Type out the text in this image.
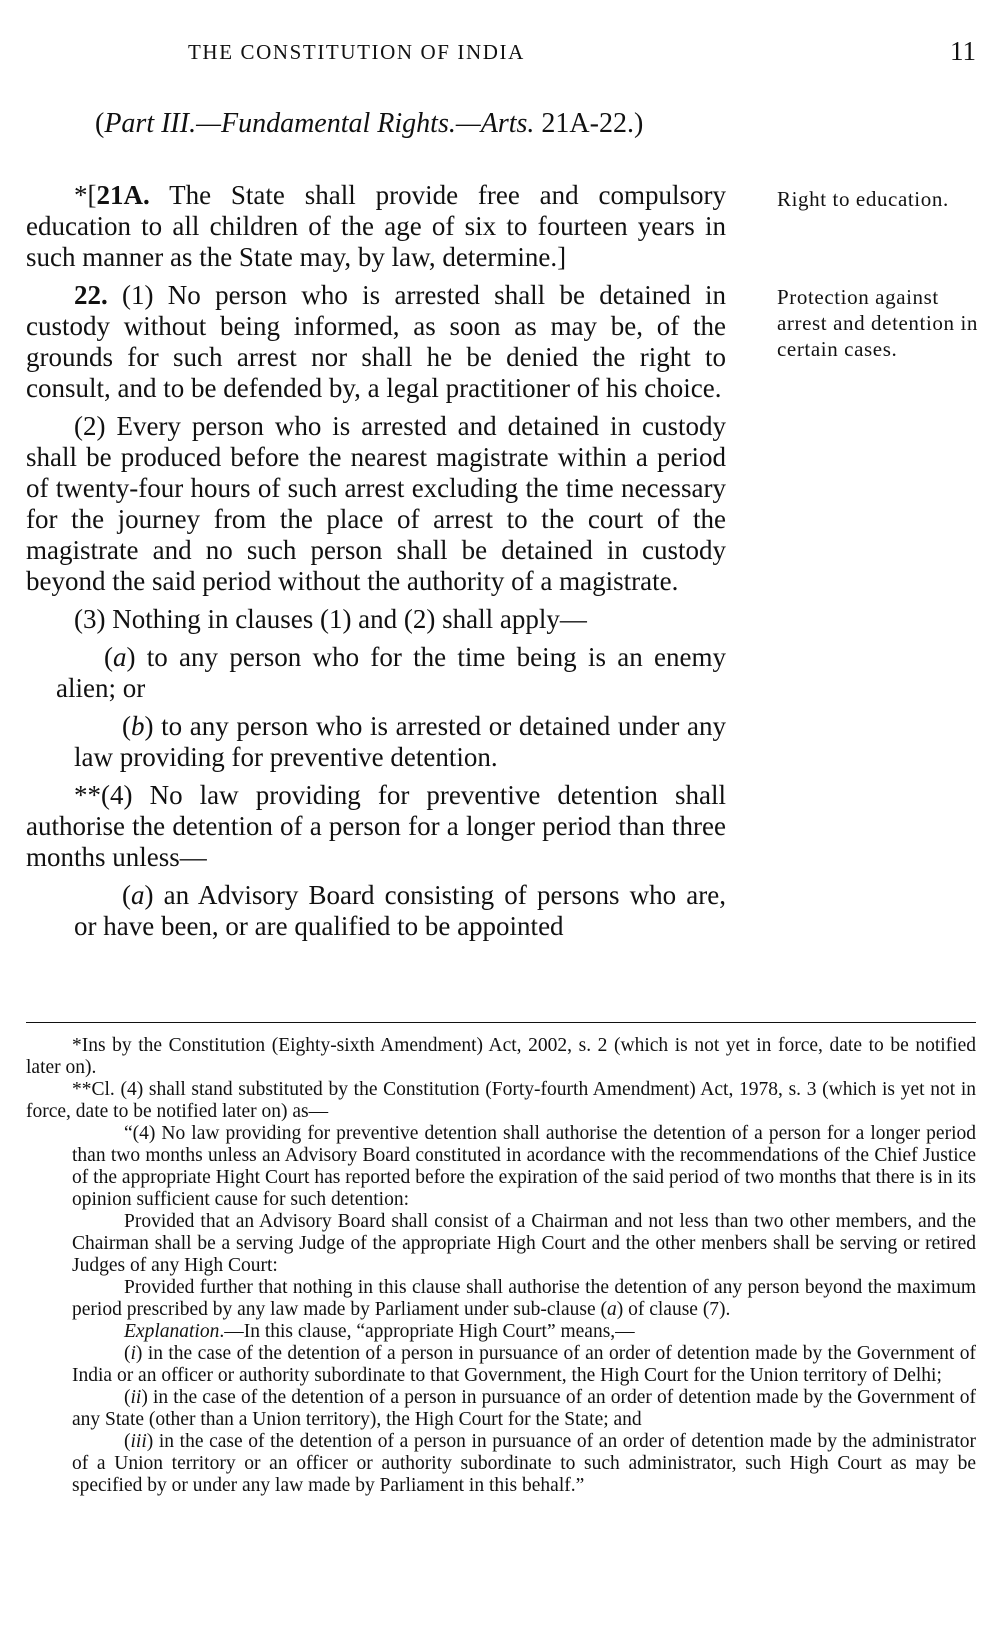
THE CONSTITUTION OF INDIA	11
(Part III.—Fundamental Rights.—Arts. 21A-22.)

*[21A. The State shall provide free and compulsory education to all children of the age of six to fourteen years in such manner as the State may, by law, determine.]

22. (1) No person who is arrested shall be detained in custody without being informed, as soon as may be, of the grounds for such arrest nor shall he be denied the right to consult, and to be defended by, a legal practitioner of his choice.

(2) Every person who is arrested and detained in custody shall be produced before the nearest magistrate within a period of twenty-four hours of such arrest excluding the time necessary for the journey from the place of arrest to the court of the magistrate and no such person shall be detained in custody beyond the said period without the authority of a magistrate.

(3) Nothing in clauses (1) and (2) shall apply—

(a) to any person who for the time being is an enemy alien; or

(b) to any person who is arrested or detained under any law providing for preventive detention.

**(4) No law providing for preventive detention shall authorise the detention of a person for a longer period than three months unless—

(a) an Advisory Board consisting of persons who are, or have been, or are qualified to be appointed

Right to education.
Protection against arrest and detention in certain cases.

*Ins by the Constitution (Eighty-sixth Amendment) Act, 2002, s. 2 (which is not yet in force, date to be notified later on).

**Cl. (4) shall stand substituted by the Constitution (Forty-fourth Amendment) Act, 1978, s. 3 (which is yet not in force, date to be notified later on) as—

“(4) No law providing for preventive detention shall authorise the detention of a person for a longer period than two months unless an Advisory Board constituted in acordance with the recommendations of the Chief Justice of the appropriate Hight Court has reported before the expiration of the said period of two months that there is in its opinion sufficient cause for such detention:

Provided that an Advisory Board shall consist of a Chairman and not less than two other members, and the Chairman shall be a serving Judge of the appropriate High Court and the other menbers shall be serving or retired Judges of any High Court:

Provided further that nothing in this clause shall authorise the detention of any person beyond the maximum period prescribed by any law made by Parliament under sub-clause (a) of clause (7).

Explanation.—In this clause, “appropriate High Court” means,—

(i) in the case of the detention of a person in pursuance of an order of detention made by the Government of India or an officer or authority subordinate to that Government, the High Court for the Union territory of Delhi;

(ii) in the case of the detention of a person in pursuance of an order of detention made by the Government of any State (other than a Union territory), the High Court for the State; and

(iii) in the case of the detention of a person in pursuance of an order of detention made by the administrator of a Union territory or an officer or authority subordinate to such administrator, such High Court as may be specified by or under any law made by Parliament in this behalf.”
